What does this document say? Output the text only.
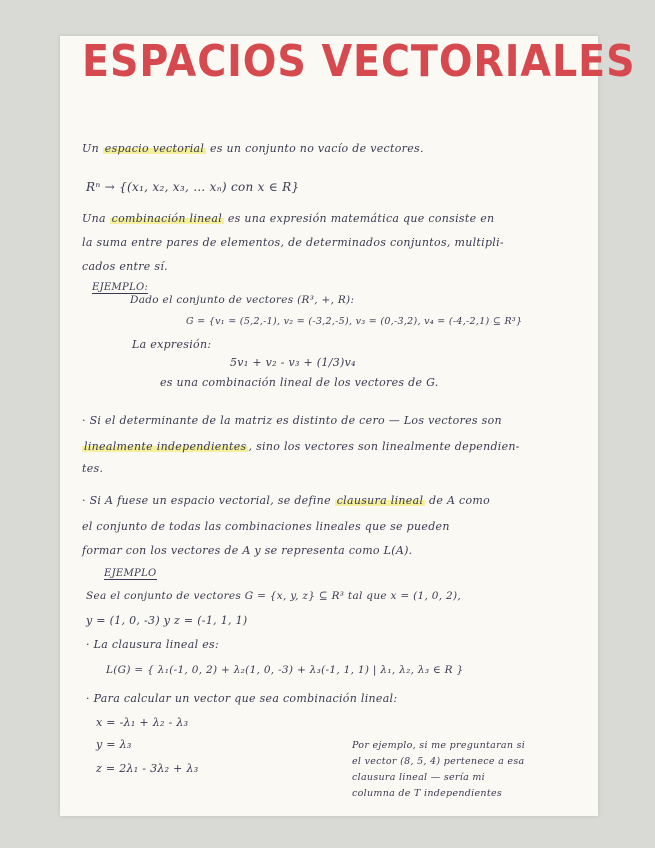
ESPACIOS VECTORIALES
Un espacio vectorial es un conjunto no vacío de vectores.
Rⁿ → {(x₁, x₂, x₃, … xₙ) con x ∈ R}
Una combinación lineal es una expresión matemática que consiste en
la suma entre pares de elementos, de determinados conjuntos, multipli-
cados entre sí.
EJEMPLO:
Dado el conjunto de vectores (R³, +, R):
G = {v₁ = (5,2,-1), v₂ = (-3,2,-5), v₃ = (0,-3,2), v₄ = (-4,-2,1) ⊆ R³}
La expresión:
5v₁ + v₂ - v₃ + (1/3)v₄
es una combinación lineal de los vectores de G.
· Si el determinante de la matriz es distinto de cero — Los vectores son
linealmente independientes , sino los vectores son linealmente dependien-
tes.
· Si A fuese un espacio vectorial, se define clausura lineal de A como
el conjunto de todas las combinaciones lineales que se pueden
formar con los vectores de A y se representa como L(A).
EJEMPLO
Sea el conjunto de vectores G = {x, y, z} ⊆ R³ tal que x = (1, 0, 2),
y = (1, 0, -3) y z = (-1, 1, 1)
· La clausura lineal es:
L(G) = { λ₁(-1, 0, 2) + λ₂(1, 0, -3) + λ₃(-1, 1, 1) | λ₁, λ₂, λ₃ ∈ R }
· Para calcular un vector que sea combinación lineal:
x = -λ₁ + λ₂ - λ₃
y = λ₃
z = 2λ₁ - 3λ₂ + λ₃
Por ejemplo, si me preguntaran si
el vector (8, 5, 4) pertenece a esa
clausura lineal — sería mi
columna de T independientes
